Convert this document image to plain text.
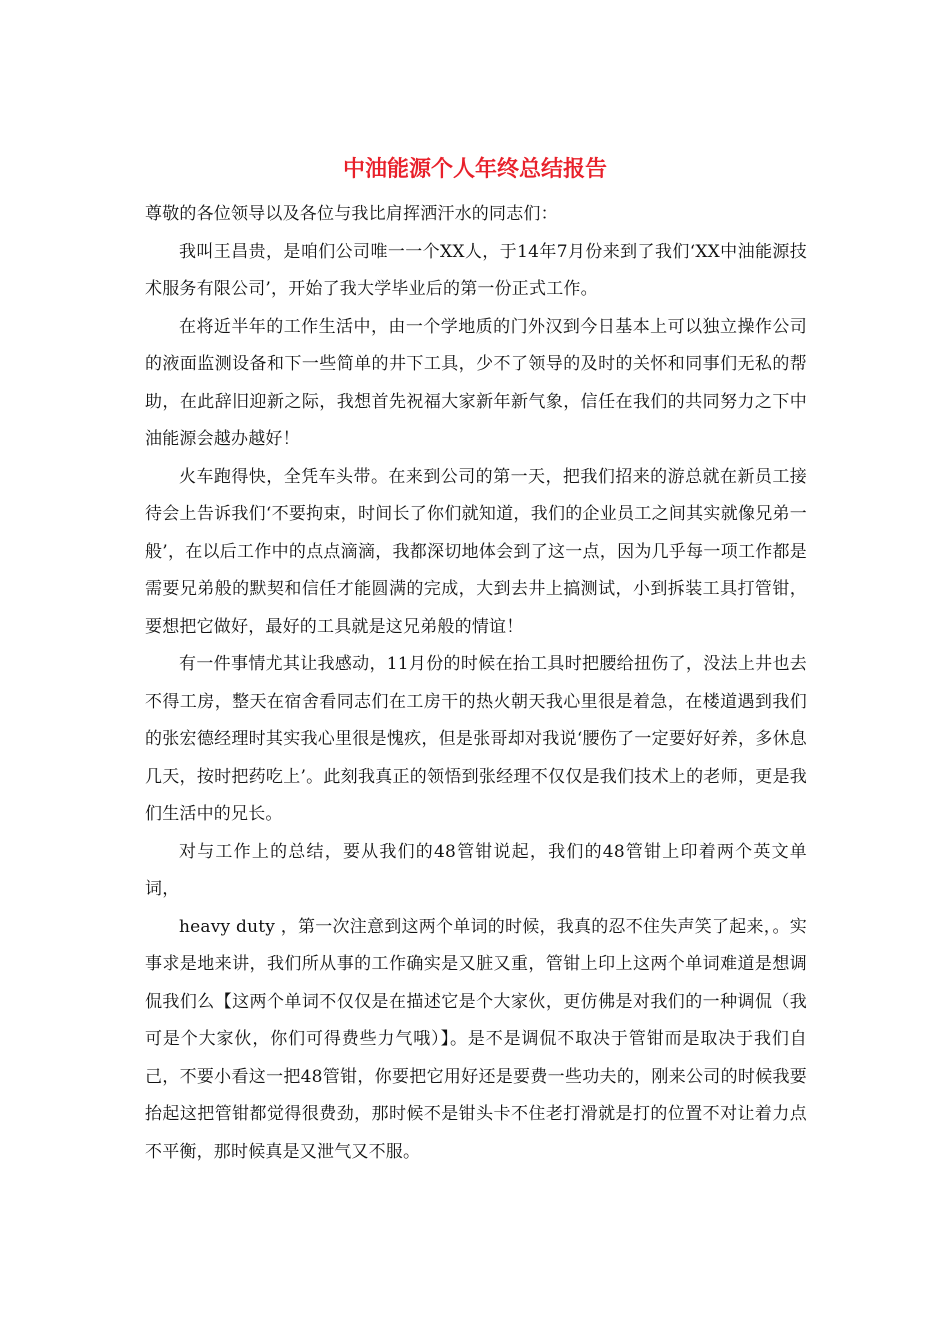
中油能源个人年终总结报告

尊敬的各位领导以及各位与我比肩挥洒汗水的同志们：

我叫王昌贵，是咱们公司唯一一个XX人，于14年7月份来到了我们‘XX中油能源技术服务有限公司’，开始了我大学毕业后的第一份正式工作。

在将近半年的工作生活中，由一个学地质的门外汉到今日基本上可以独立操作公司的液面监测设备和下一些简单的井下工具，少不了领导的及时的关怀和同事们无私的帮助，在此辞旧迎新之际，我想首先祝福大家新年新气象，信任在我们的共同努力之下中油能源会越办越好！

火车跑得快，全凭车头带。在来到公司的第一天，把我们招来的游总就在新员工接待会上告诉我们‘不要拘束，时间长了你们就知道，我们的企业员工之间其实就像兄弟一般’，在以后工作中的点点滴滴，我都深切地体会到了这一点，因为几乎每一项工作都是需要兄弟般的默契和信任才能圆满的完成，大到去井上搞测试，小到拆装工具打管钳，要想把它做好，最好的工具就是这兄弟般的情谊！

有一件事情尤其让我感动，11月份的时候在抬工具时把腰给扭伤了，没法上井也去不得工房，整天在宿舍看同志们在工房干的热火朝天我心里很是着急，在楼道遇到我们的张宏德经理时其实我心里很是愧疚，但是张哥却对我说‘腰伤了一定要好好养，多休息几天，按时把药吃上’。此刻我真正的领悟到张经理不仅仅是我们技术上的老师，更是我们生活中的兄长。

对与工作上的总结，要从我们的48管钳说起，我们的48管钳上印着两个英文单词，

heavy duty ，第一次注意到这两个单词的时候，我真的忍不住失声笑了起来，。实事求是地来讲，我们所从事的工作确实是又脏又重，管钳上印上这两个单词难道是想调侃我们么【这两个单词不仅仅是在描述它是个大家伙，更仿佛是对我们的一种调侃（我可是个大家伙，你们可得费些力气哦）】。是不是调侃不取决于管钳而是取决于我们自己，不要小看这一把48管钳，你要把它用好还是要费一些功夫的，刚来公司的时候我要抬起这把管钳都觉得很费劲，那时候不是钳头卡不住老打滑就是打的位置不对让着力点不平衡，那时候真是又泄气又不服。
